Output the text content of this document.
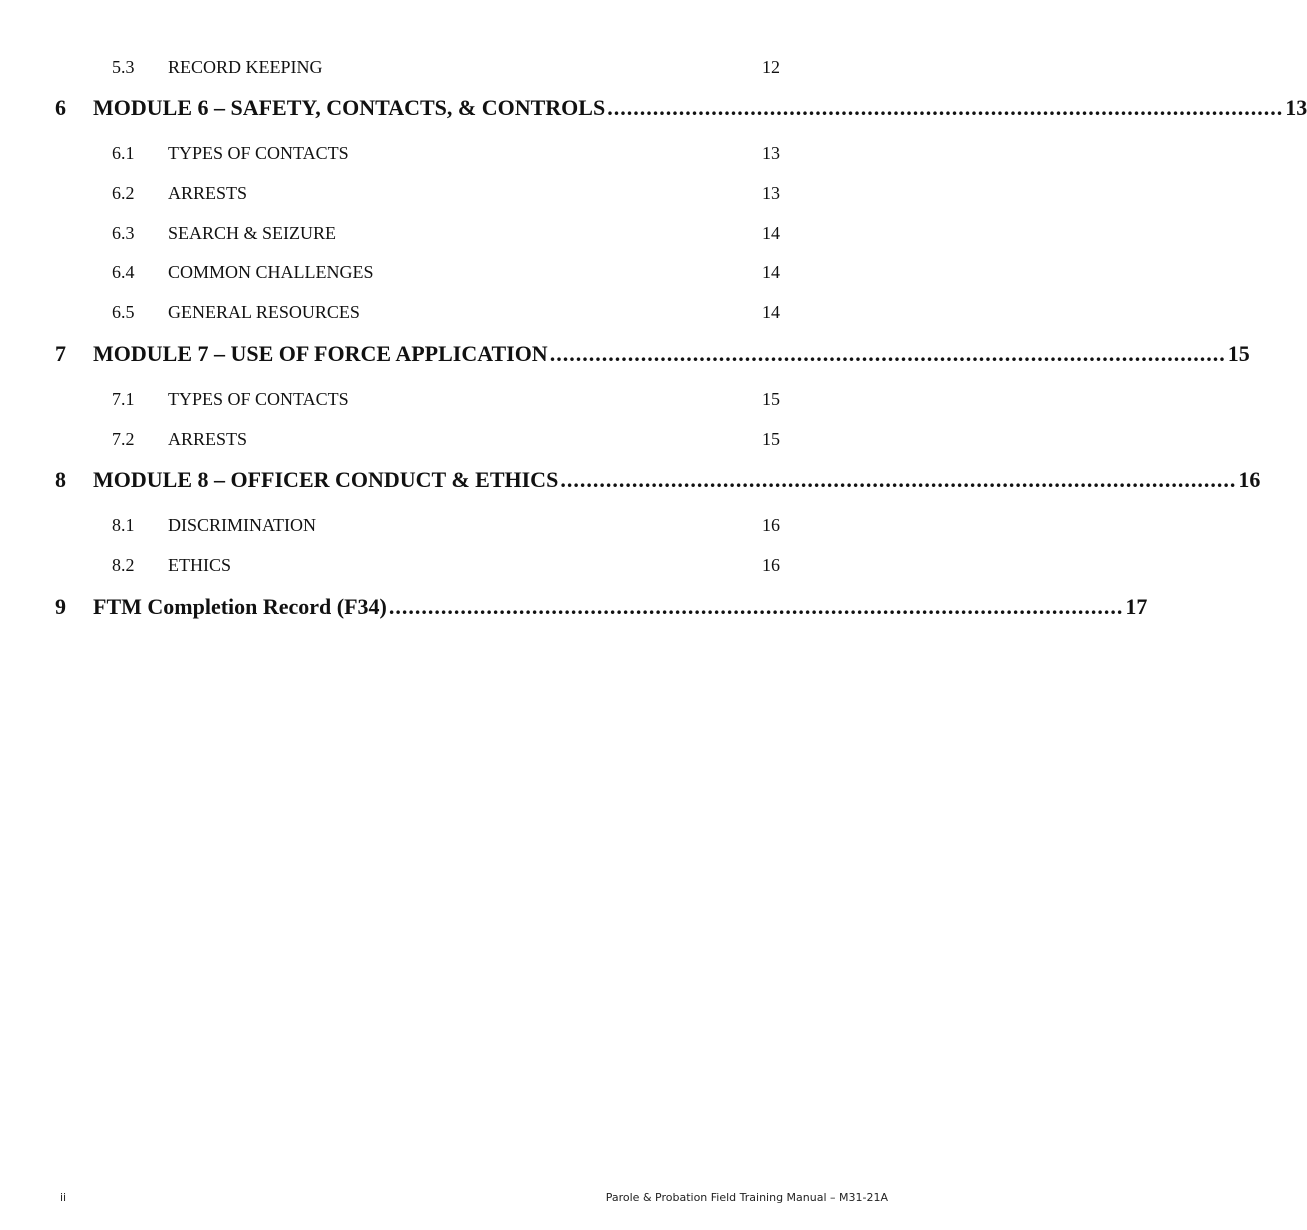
5.3 RECORD KEEPING	12
6 MODULE 6 – SAFETY, CONTACTS, & CONTROLS ........................................................................................................ 13
6.1 TYPES OF CONTACTS	13
6.2 ARRESTS	13
6.3 SEARCH & SEIZURE	14
6.4 COMMON CHALLENGES	14
6.5 GENERAL RESOURCES	14
7 MODULE 7 – USE OF FORCE APPLICATION ........................................................................................................ 15
7.1 TYPES OF CONTACTS	15
7.2 ARRESTS	15
8 MODULE 8 – OFFICER CONDUCT & ETHICS ........................................................................................................ 16
8.1 DISCRIMINATION	16
8.2 ETHICS	16
9 FTM Completion Record (F34) ................................................................................................................. 17
ii	Parole & Probation Field Training Manual – M31-21A
